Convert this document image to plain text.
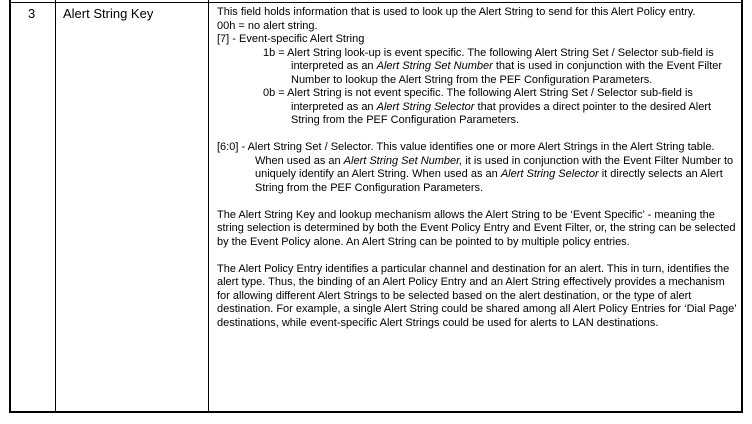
3 Alert String Key	This field holds information that is used to look up the Alert String to send for this Alert Policy entry.

00h = no alert string.

[7] - Event-specific Alert String

1b = Alert String look-up is event specific. The following Alert String Set / Selector sub-field is interpreted as an Alert String Set Number that is used in conjunction with the Event Filter Number to lookup the Alert String from the PEF Configuration Parameters.

0b = Alert String is not event specific. The following Alert String Set / Selector sub-field is interpreted as an Alert String Selector that provides a direct pointer to the desired Alert String from the PEF Configuration Parameters.

[6:0] - Alert String Set / Selector. This value identifies one or more Alert Strings in the Alert String table. When used as an Alert String Set Number, it is used in conjunction with the Event Filter Number to uniquely identify an Alert String. When used as an Alert String Selector it directly selects an Alert String from the PEF Configuration Parameters.

The Alert String Key and lookup mechanism allows the Alert String to be ‘Event Specific’ - meaning the string selection is determined by both the Event Policy Entry and Event Filter, or, the string can be selected by the Event Policy alone. An Alert String can be pointed to by multiple policy entries.

The Alert Policy Entry identifies a particular channel and destination for an alert. This in turn, identifies the alert type. Thus, the binding of an Alert Policy Entry and an Alert String effectively provides a mechanism for allowing different Alert Strings to be selected based on the alert destination, or the type of alert destination. For example, a single Alert String could be shared among all Alert Policy Entries for ‘Dial Page’ destinations, while event-specific Alert Strings could be used for alerts to LAN destinations.
